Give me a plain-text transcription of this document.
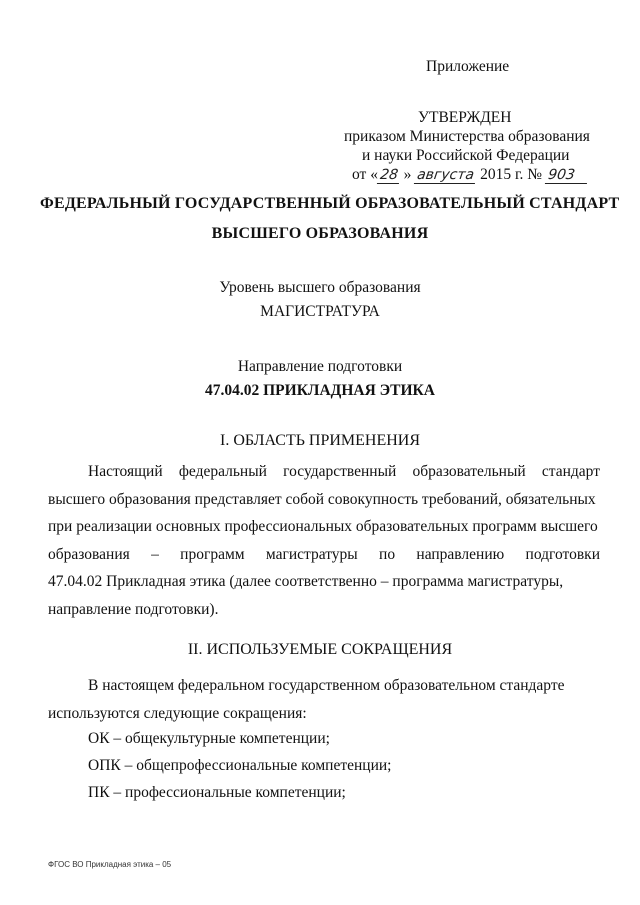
Приложение
УТВЕРЖДЕН
приказом Министерства образования
и науки Российской Федерации
от «28 » августа 2015 г. № 903
ФЕДЕРАЛЬНЫЙ ГОСУДАРСТВЕННЫЙ ОБРАЗОВАТЕЛЬНЫЙ СТАНДАРТ
ВЫСШЕГО ОБРАЗОВАНИЯ
Уровень высшего образования
МАГИСТРАТУРА
Направление подготовки
47.04.02 ПРИКЛАДНАЯ ЭТИКА
I. ОБЛАСТЬ ПРИМЕНЕНИЯ
Настоящий федеральный государственный образовательный стандарт
высшего образования представляет собой совокупность требований, обязательных
при реализации основных профессиональных образовательных программ высшего
образования – программ магистратуры по направлению подготовки
47.04.02 Прикладная этика (далее соответственно – программа магистратуры,
направление подготовки).
II. ИСПОЛЬЗУЕМЫЕ СОКРАЩЕНИЯ
В настоящем федеральном государственном образовательном стандарте
используются следующие сокращения:
ОК – общекультурные компетенции;
ОПК – общепрофессиональные компетенции;
ПК – профессиональные компетенции;
ФГОС ВО Прикладная этика – 05
